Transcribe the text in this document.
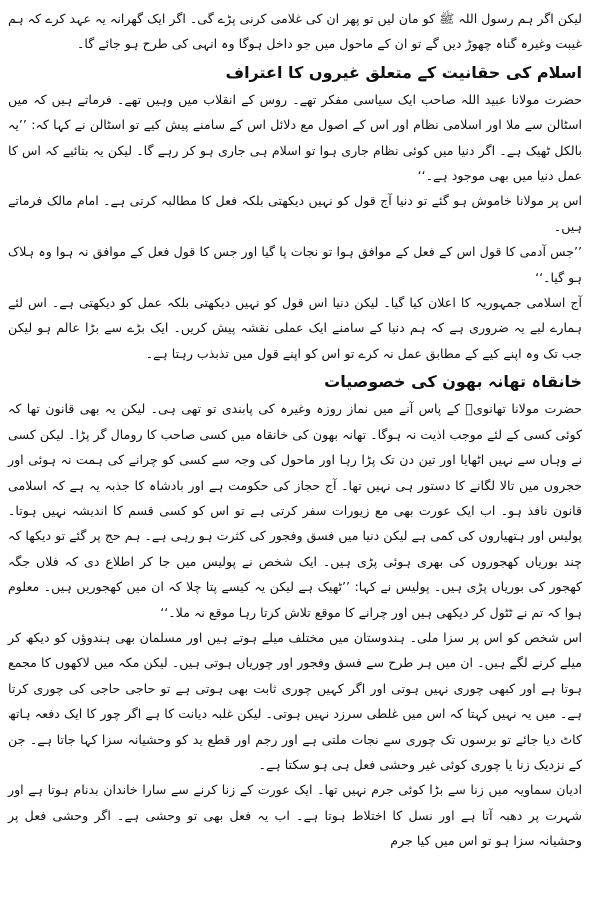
لیکن اگر ہم رسول اللہ ﷺ کو مان لیں تو پھر ان کی غلامی کرنی پڑے گی۔ اگر ایک گھرانہ یہ عہد کرے کہ ہم غیبت وغیرہ گناہ چھوڑ دیں گے تو ان کے ماحول میں جو داخل ہوگا وہ انہی کی طرح ہو جائے گا۔

اسلام کی حقانیت کے متعلق غیروں کا اعتراف

حضرت مولانا عبید اللہ صاحب ایک سیاسی مفکر تھے۔ روس کے انقلاب میں وہیں تھے۔ فرماتے ہیں کہ میں اسٹالن سے ملا اور اسلامی نظام اور اس کے اصول مع دلائل اس کے سامنے پیش کیے تو اسٹالن نے کہا کہ: ’’یہ بالکل ٹھیک ہے۔ اگر دنیا میں کوئی نظام جاری ہوا تو اسلام ہی جاری ہو کر رہے گا۔ لیکن یہ بتائیے کہ اس کا عمل دنیا میں بھی موجود ہے۔‘‘

اس پر مولانا خاموش ہو گئے تو دنیا آج قول کو نہیں دیکھتی بلکہ فعل کا مطالبہ کرتی ہے۔ امام مالک فرماتے ہیں۔

’’جس آدمی کا قول اس کے فعل کے موافق ہوا تو نجات پا گیا اور جس کا قول فعل کے موافق نہ ہوا وہ ہلاک ہو گیا۔‘‘

آج اسلامی جمہوریہ کا اعلان کیا گیا۔ لیکن دنیا اس قول کو نہیں دیکھتی بلکہ عمل کو دیکھتی ہے۔ اس لئے ہمارے لیے یہ ضروری ہے کہ ہم دنیا کے سامنے ایک عملی نقشہ پیش کریں۔ ایک بڑے سے بڑا عالم ہو لیکن جب تک وہ اپنے کیے کے مطابق عمل نہ کرے تو اس کو اپنے قول میں تذبذب رہتا ہے۔

خانقاہ تھانہ بھون کی خصوصیات

حضرت مولانا تھانویؒ کے پاس آنے میں نماز روزہ وغیرہ کی پابندی تو تھی ہی۔ لیکن یہ بھی قانون تھا کہ کوئی کسی کے لئے موجب اذیت نہ ہوگا۔ تھانہ بھون کی خانقاہ میں کسی صاحب کا رومال گر پڑا۔ لیکن کسی نے وہاں سے نہیں اٹھایا اور تین دن تک پڑا رہا اور ماحول کی وجہ سے کسی کو چرانے کی ہمت نہ ہوئی اور حجروں میں تالا لگانے کا دستور ہی نہیں تھا۔ آج حجاز کی حکومت ہے اور بادشاہ کا جذبہ یہ ہے کہ اسلامی قانون نافذ ہو۔ اب ایک عورت بھی مع زیورات سفر کرتی ہے تو اس کو کسی قسم کا اندیشہ نہیں ہوتا۔ پولیس اور ہتھیاروں کی کمی ہے لیکن دنیا میں فسق وفجور کی کثرت ہو رہی ہے۔ ہم حج پر گئے تو دیکھا کہ چند بوریاں کھجوروں کی بھری ہوئی پڑی ہیں۔ ایک شخص نے پولیس میں جا کر اطلاع دی کہ فلاں جگہ کھجور کی بوریاں پڑی ہیں۔ پولیس نے کہا: ’’ٹھیک ہے لیکن یہ کیسے پتا چلا کہ ان میں کھجوریں ہیں۔ معلوم ہوا کہ تم نے ٹٹول کر دیکھی ہیں اور چرانے کا موقع تلاش کرتا رہا موقع نہ ملا۔‘‘

اس شخص کو اس پر سزا ملی۔ ہندوستان میں مختلف میلے ہوتے ہیں اور مسلمان بھی ہندوؤں کو دیکھ کر میلے کرنے لگے ہیں۔ ان میں ہر طرح سے فسق وفجور اور چوریاں ہوتی ہیں۔ لیکن مکہ میں لاکھوں کا مجمع ہوتا ہے اور کبھی چوری نہیں ہوتی اور اگر کہیں چوری ثابت بھی ہوتی ہے تو حاجی حاجی کی چوری کرتا ہے۔ میں یہ نہیں کہتا کہ اس میں غلطی سرزد نہیں ہوتی۔ لیکن غلبہ دیانت کا ہے اگر چور کا ایک دفعہ ہاتھ کاٹ دیا جائے تو برسوں تک چوری سے نجات ملتی ہے اور رجم اور قطع ید کو وحشیانہ سزا کہا جاتا ہے۔ جن کے نزدیک زنا یا چوری کوئی غیر وحشی فعل ہی ہو سکتا ہے۔

ادیان سماویہ میں زنا سے بڑا کوئی جرم نہیں تھا۔ ایک عورت کے زنا کرنے سے سارا خاندان بدنام ہوتا ہے اور شہرت پر دھبہ آتا ہے اور نسل کا اختلاط ہوتا ہے۔ اب یہ فعل بھی تو وحشی ہے۔ اگر وحشی فعل پر وحشیانہ سزا ہو تو اس میں کیا جرم
